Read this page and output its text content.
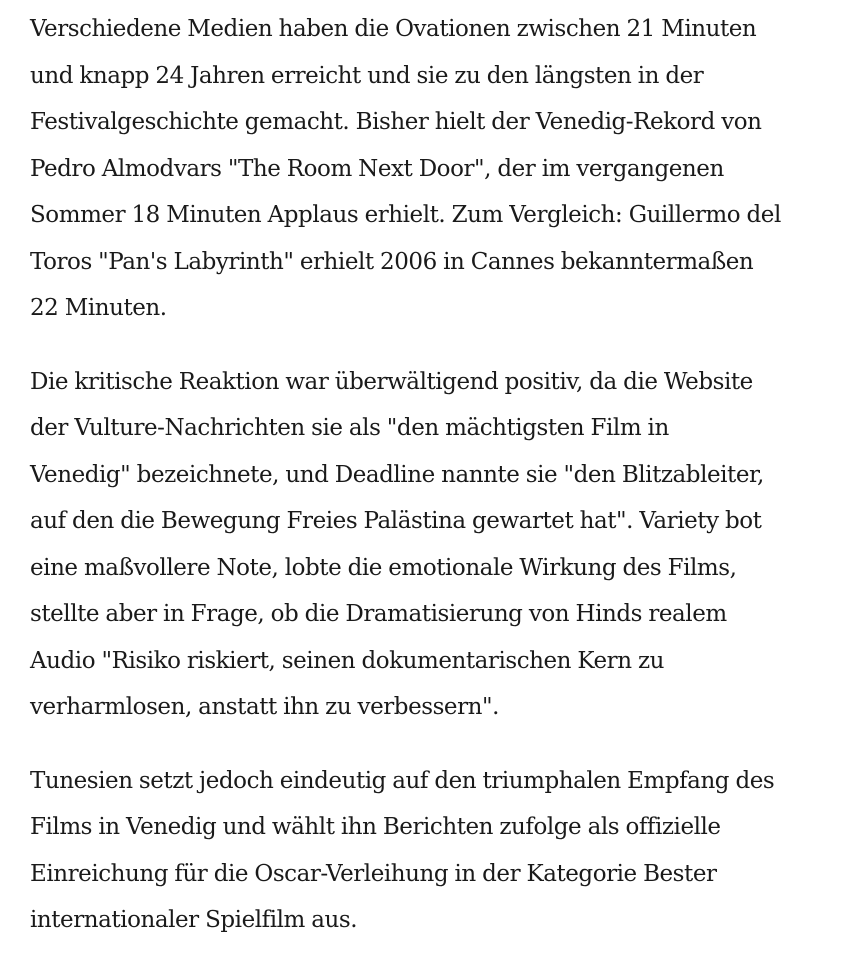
Verschiedene Medien haben die Ovationen zwischen 21 Minuten
und knapp 24 Jahren erreicht und sie zu den längsten in der
Festivalgeschichte gemacht. Bisher hielt der Venedig-Rekord von
Pedro Almodvars "The Room Next Door", der im vergangenen
Sommer 18 Minuten Applaus erhielt. Zum Vergleich: Guillermo del
Toros "Pan's Labyrinth" erhielt 2006 in Cannes bekanntermaßen
22 Minuten.

Die kritische Reaktion war überwältigend positiv, da die Website
der Vulture-Nachrichten sie als "den mächtigsten Film in
Venedig" bezeichnete, und Deadline nannte sie "den Blitzableiter,
auf den die Bewegung Freies Palästina gewartet hat". Variety bot
eine maßvollere Note, lobte die emotionale Wirkung des Films,
stellte aber in Frage, ob die Dramatisierung von Hinds realem
Audio "Risiko riskiert, seinen dokumentarischen Kern zu
verharmlosen, anstatt ihn zu verbessern".

Tunesien setzt jedoch eindeutig auf den triumphalen Empfang des
Films in Venedig und wählt ihn Berichten zufolge als offizielle
Einreichung für die Oscar-Verleihung in der Kategorie Bester
internationaler Spielfilm aus.
